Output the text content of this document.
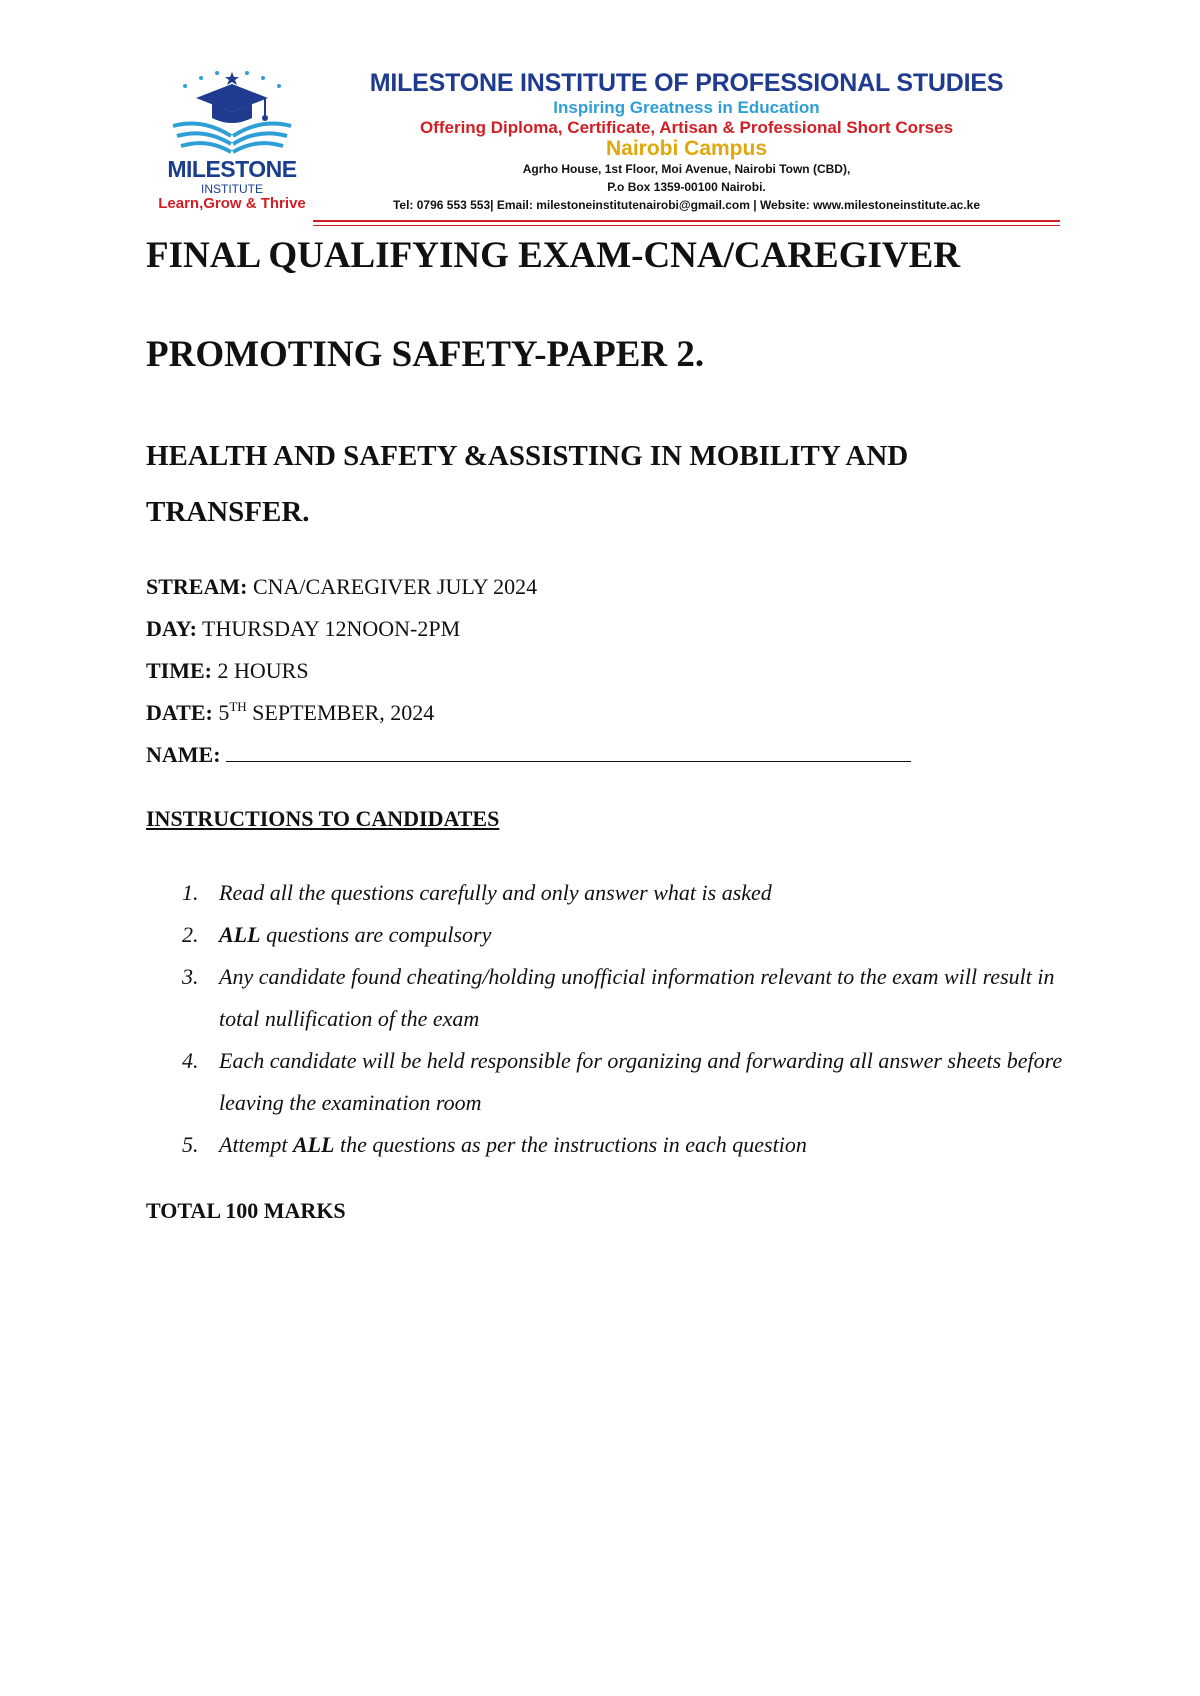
MILESTONE
INSTITUTE
Learn,Grow & Thrive
MILESTONE INSTITUTE OF PROFESSIONAL STUDIES
Inspiring Greatness in Education
Offering Diploma, Certificate, Artisan & Professional Short Corses
Nairobi Campus
Agrho House, 1st Floor, Moi Avenue, Nairobi Town (CBD),
P.o Box 1359-00100 Nairobi.
Tel: 0796 553 553| Email: milestoneinstitutenairobi@gmail.com | Website: www.milestoneinstitute.ac.ke
FINAL QUALIFYING EXAM-CNA/CAREGIVER
PROMOTING SAFETY-PAPER 2.
HEALTH AND SAFETY &ASSISTING IN MOBILITY AND TRANSFER.
STREAM: CNA/CAREGIVER JULY 2024
DAY: THURSDAY 12NOON-2PM
TIME: 2 HOURS
DATE: 5TH SEPTEMBER, 2024
NAME:
INSTRUCTIONS TO CANDIDATES
1. Read all the questions carefully and only answer what is asked
2. ALL questions are compulsory
3. Any candidate found cheating/holding unofficial information relevant to the exam will result in total nullification of the exam
4. Each candidate will be held responsible for organizing and forwarding all answer sheets before leaving the examination room
5. Attempt ALL the questions as per the instructions in each question
TOTAL 100 MARKS
